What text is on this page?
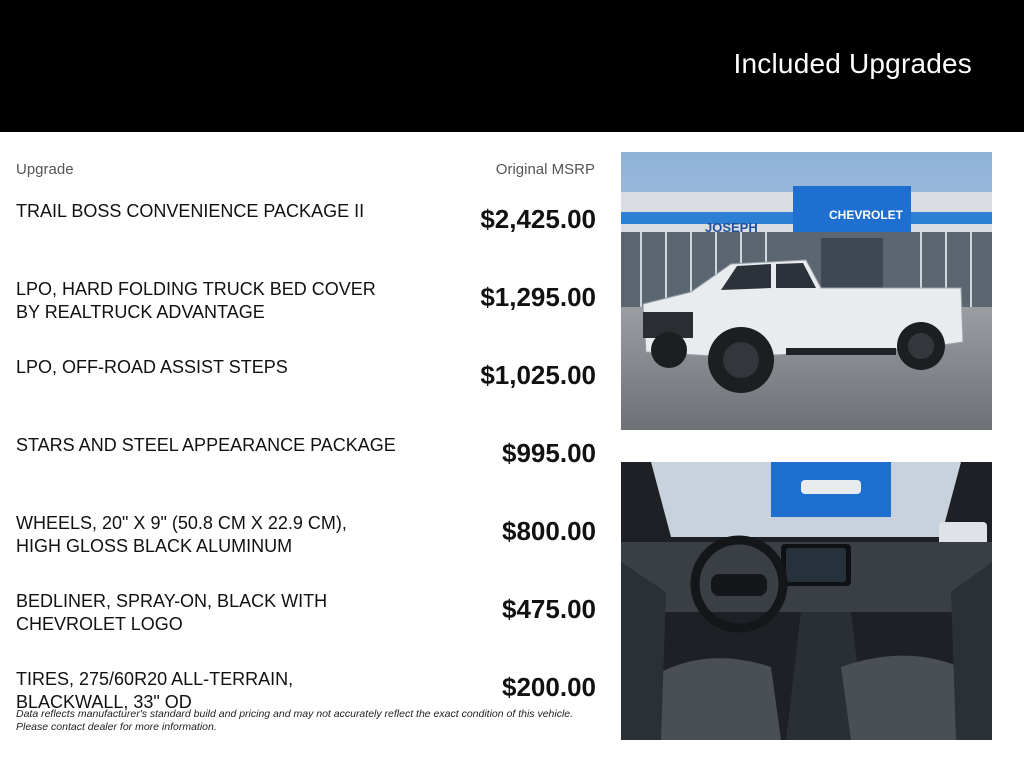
Included Upgrades
Upgrade	Original MSRP
TRAIL BOSS CONVENIENCE PACKAGE II	$2,425.00
LPO, HARD FOLDING TRUCK BED COVER BY REALTRUCK ADVANTAGE	$1,295.00
LPO, OFF-ROAD ASSIST STEPS	$1,025.00
STARS AND STEEL APPEARANCE PACKAGE	$995.00
WHEELS, 20" X 9" (50.8 CM X 22.9 CM), HIGH GLOSS BLACK ALUMINUM	$800.00
BEDLINER, SPRAY-ON, BLACK WITH CHEVROLET LOGO	$475.00
TIRES, 275/60R20 ALL-TERRAIN, BLACKWALL, 33" OD	$200.00
Data reflects manufacturer's standard build and pricing and may not accurately reflect the exact condition of this vehicle. Please contact dealer for more information.
JOSEPH
CHEVROLET
